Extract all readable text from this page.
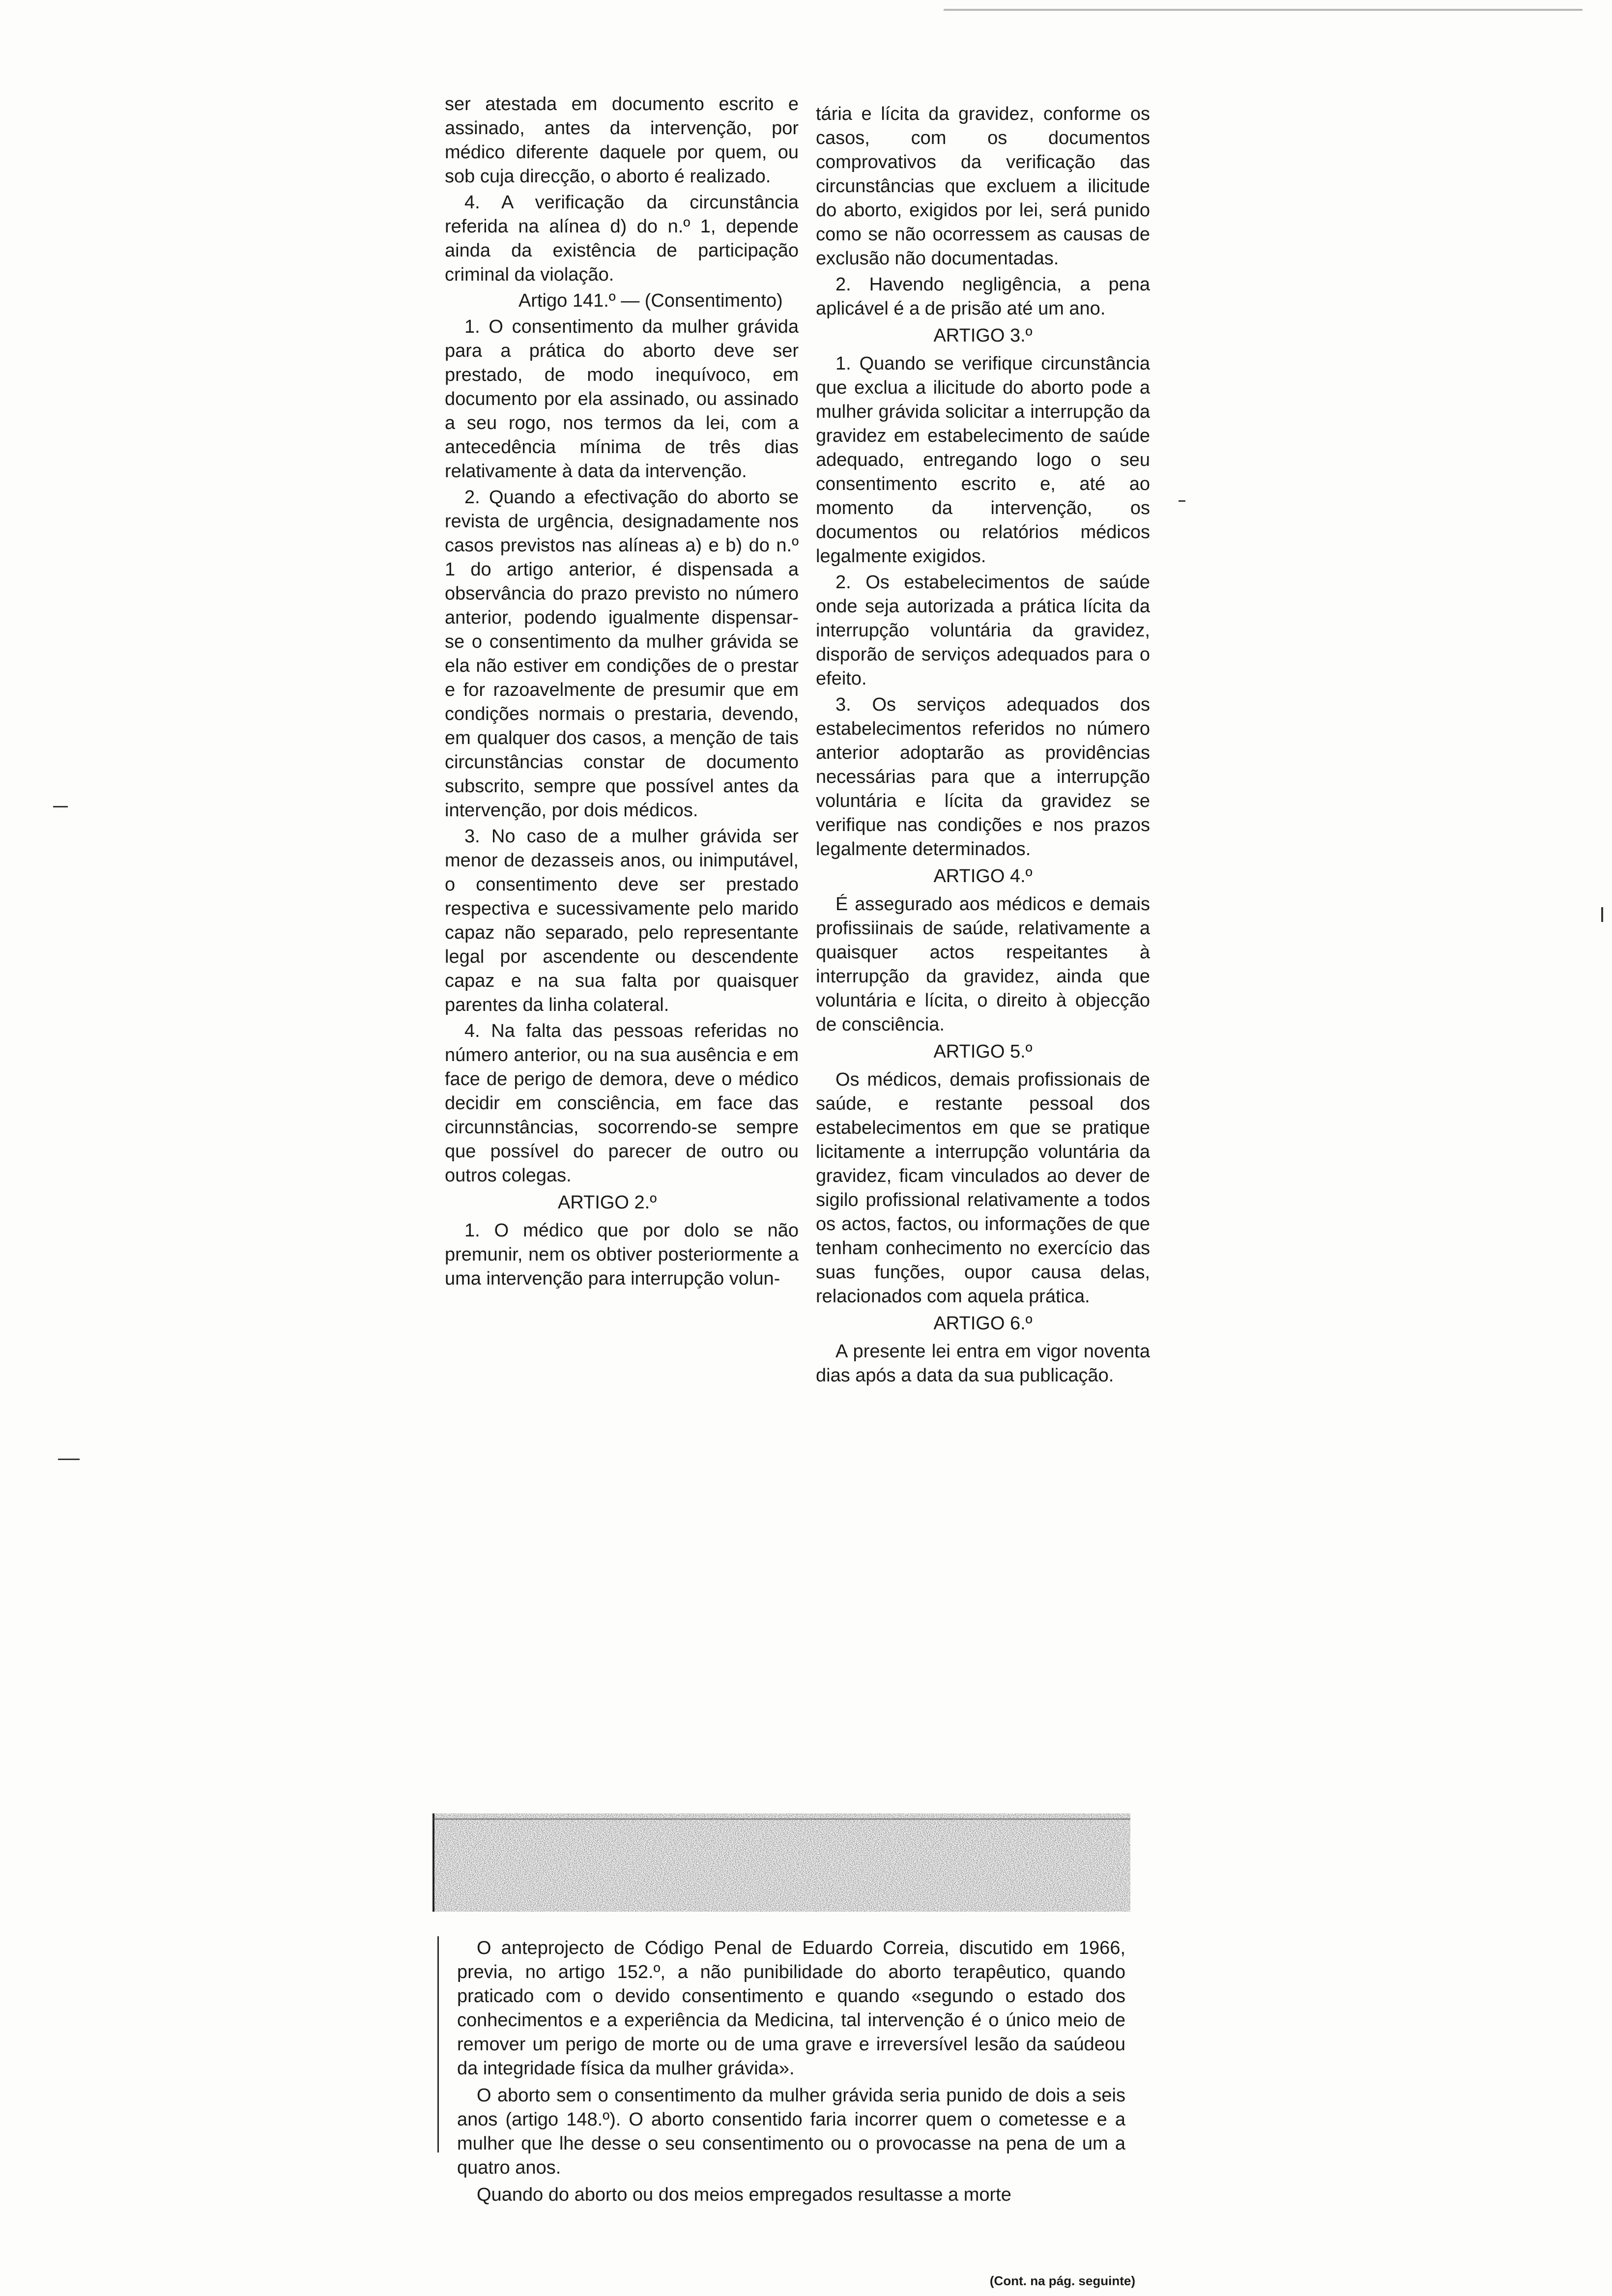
ser atestada em documento escrito e assinado, antes da intervenção, por médico diferente daquele por quem, ou sob cuja direcção, o aborto é realizado.

4. A verificação da circunstância referida na alínea d) do n.º 1, depende ainda da existência de participação criminal da violação.

Artigo 141.º — (Consentimento)

1. O consentimento da mulher grávida para a prática do aborto deve ser prestado, de modo inequívoco, em documento por ela assinado, ou assinado a seu rogo, nos termos da lei, com a antecedência mínima de três dias relativamente à data da intervenção.

2. Quando a efectivação do aborto se revista de urgência, designadamente nos casos previstos nas alíneas a) e b) do n.º 1 do artigo anterior, é dispensada a observância do prazo previsto no número anterior, podendo igualmente dispensar-se o consentimento da mulher grávida se ela não estiver em condições de o prestar e for razoavelmente de presumir que em condições normais o prestaria, devendo, em qualquer dos casos, a menção de tais circunstâncias constar de documento subscrito, sempre que possível antes da intervenção, por dois médicos.

3. No caso de a mulher grávida ser menor de dezasseis anos, ou inimputável, o consentimento deve ser prestado respectiva e sucessivamente pelo marido capaz não separado, pelo representante legal por ascendente ou descendente capaz e na sua falta por quaisquer parentes da linha colateral.

4. Na falta das pessoas referidas no número anterior, ou na sua ausência e em face de perigo de demora, deve o médico decidir em consciência, em face das circunnstâncias, socorrendo-se sempre que possível do parecer de outro ou outros colegas.

ARTIGO 2.º

1. O médico que por dolo se não premunir, nem os obtiver posteriormente a uma intervenção para interrupção volun-

tária e lícita da gravidez, conforme os casos, com os documentos comprovativos da verificação das circunstâncias que excluem a ilicitude do aborto, exigidos por lei, será punido como se não ocorressem as causas de exclusão não documentadas.

2. Havendo negligência, a pena aplicável é a de prisão até um ano.

ARTIGO 3.º

1. Quando se verifique circunstância que exclua a ilicitude do aborto pode a mulher grávida solicitar a interrupção da gravidez em estabelecimento de saúde adequado, entregando logo o seu consentimento escrito e, até ao momento da intervenção, os documentos ou relatórios médicos legalmente exigidos.

2. Os estabelecimentos de saúde onde seja autorizada a prática lícita da interrupção voluntária da gravidez, disporão de serviços adequados para o efeito.

3. Os serviços adequados dos estabelecimentos referidos no número anterior adoptarão as providências necessárias para que a interrupção voluntária e lícita da gravidez se verifique nas condições e nos prazos legalmente determinados.

ARTIGO 4.º

É assegurado aos médicos e demais profissiinais de saúde, relativamente a quaisquer actos respeitantes à interrupção da gravidez, ainda que voluntária e lícita, o direito à objecção de consciência.

ARTIGO 5.º

Os médicos, demais profissionais de saúde, e restante pessoal dos estabelecimentos em que se pratique licitamente a interrupção voluntária da gravidez, ficam vinculados ao dever de sigilo profissional relativamente a todos os actos, factos, ou informações de que tenham conhecimento no exercício das suas funções, oupor causa delas, relacionados com aquela prática.

ARTIGO 6.º

A presente lei entra em vigor noventa dias após a data da sua publicação.

O anteprojecto de Código Penal de Eduardo Correia, discutido em 1966, previa, no artigo 152.º, a não punibilidade do aborto terapêutico, quando praticado com o devido consentimento e quando «segundo o estado dos conhecimentos e a experiência da Medicina, tal intervenção é o único meio de remover um perigo de morte ou de uma grave e irreversível lesão da saúdeou da integridade física da mulher grávida».

O aborto sem o consentimento da mulher grávida seria punido de dois a seis anos (artigo 148.º). O aborto consentido faria incorrer quem o cometesse e a mulher que lhe desse o seu consentimento ou o provocasse na pena de um a quatro anos.

Quando do aborto ou dos meios empregados resultasse a morte

(Cont. na pág. seguinte)
